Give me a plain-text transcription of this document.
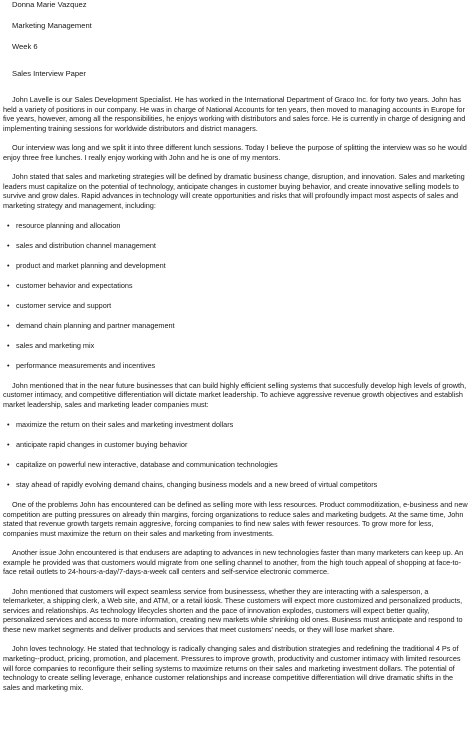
Donna Marie Vazquez
Marketing Management
Week 6
Sales Interview Paper
John Lavelle is our Sales Development Specialist. He has worked in the International Department of Graco Inc. for forty two years. John has held a variety of positions in our company. He was in charge of National Accounts for ten years, then moved to managing accounts in Europe for five years, however, among all the responsibilities, he enjoys working with distributors and sales force. He is currently in charge of designing and implementing training sessions for worldwide distributors and district managers.
Our interview was long and we split it into three different lunch sessions. Today I believe the purpose of splitting the interview was so he would enjoy three free lunches. I really enjoy working with John and he is one of my mentors.
John stated that sales and marketing strategies will be defined by dramatic business change, disruption, and innovation. Sales and marketing leaders must capitalize on the potential of technology, anticipate changes in customer buying behavior, and create innovative selling models to survive and grow dales. Rapid advances in technology will create opportunities and risks that will profoundly impact most aspects of sales and marketing strategy and management, including:
• resource planning and allocation
• sales and distribution channel management
• product and market planning and development
• customer behavior and expectations
• customer service and support
• demand chain planning and partner management
• sales and marketing mix
• performance measurements and incentives
John mentioned that in the near future businesses that can build highly efficient selling systems that succesfully develop high levels of growth, customer intimacy, and competitive differentiation will dictate market leadership. To achieve aggressive revenue growth objectives and establish market leadership, sales and marketing leader companies must:
• maximize the return on their sales and marketing investment dollars
• anticipate rapid changes in customer buying behavior
• capitalize on powerful new interactive, database and communication technologies
• stay ahead of rapidly evolving demand chains, changing business models and a new breed of virtual competitors
One of the problems John has encountered can be defined as selling more with less resources. Product commoditization, e-business and new competition are putting pressures on already thin margins, forcing organizations to reduce sales and marketing budgets. At the same time, John stated that revenue growth targets remain aggresive, forcing companies to find new sales with fewer resources. To grow more for less, companies must maximize the return on their sales and marketing from investments.
Another issue John encountered is that endusers are adapting to advances in new technologies faster than many marketers can keep up. An example he provided was that customers would migrate from one selling channel to another, from the high touch appeal of shopping at face-to-face retail outlets to 24-hours-a-day/7-days-a-week call centers and self-service electronic commerce.
John mentioned that customers will expect seamless service from businessess, whether they are interacting with a salesperson, a telemarketer, a shipping clerk, a Web site, and ATM, or a retail kiosk. These customers will expect more customized and personalized products, services and relationships. As technology lifecycles shorten and the pace of innovation explodes, customers will expect better quality, personalized services and access to more information, creating new markets while shrinking old ones. Business must anticipate and respond to these new market segments and deliver products and services that meet customers' needs, or they will lose market share.
John loves technology. He stated that technology is radically changing sales and distribution strategies and redefining the traditional 4 Ps of marketing--product, pricing, promotion, and placement. Pressures to improve growth, productivity and customer intimacy with limited resources will force companies to reconfigure their selling systems to maximize returns on their sales and marketing investment dollars. The potential of technology to create selling leverage, enhance customer relationships and increase competitive differentiation will drive dramatic shifts in the sales and marketing mix.
